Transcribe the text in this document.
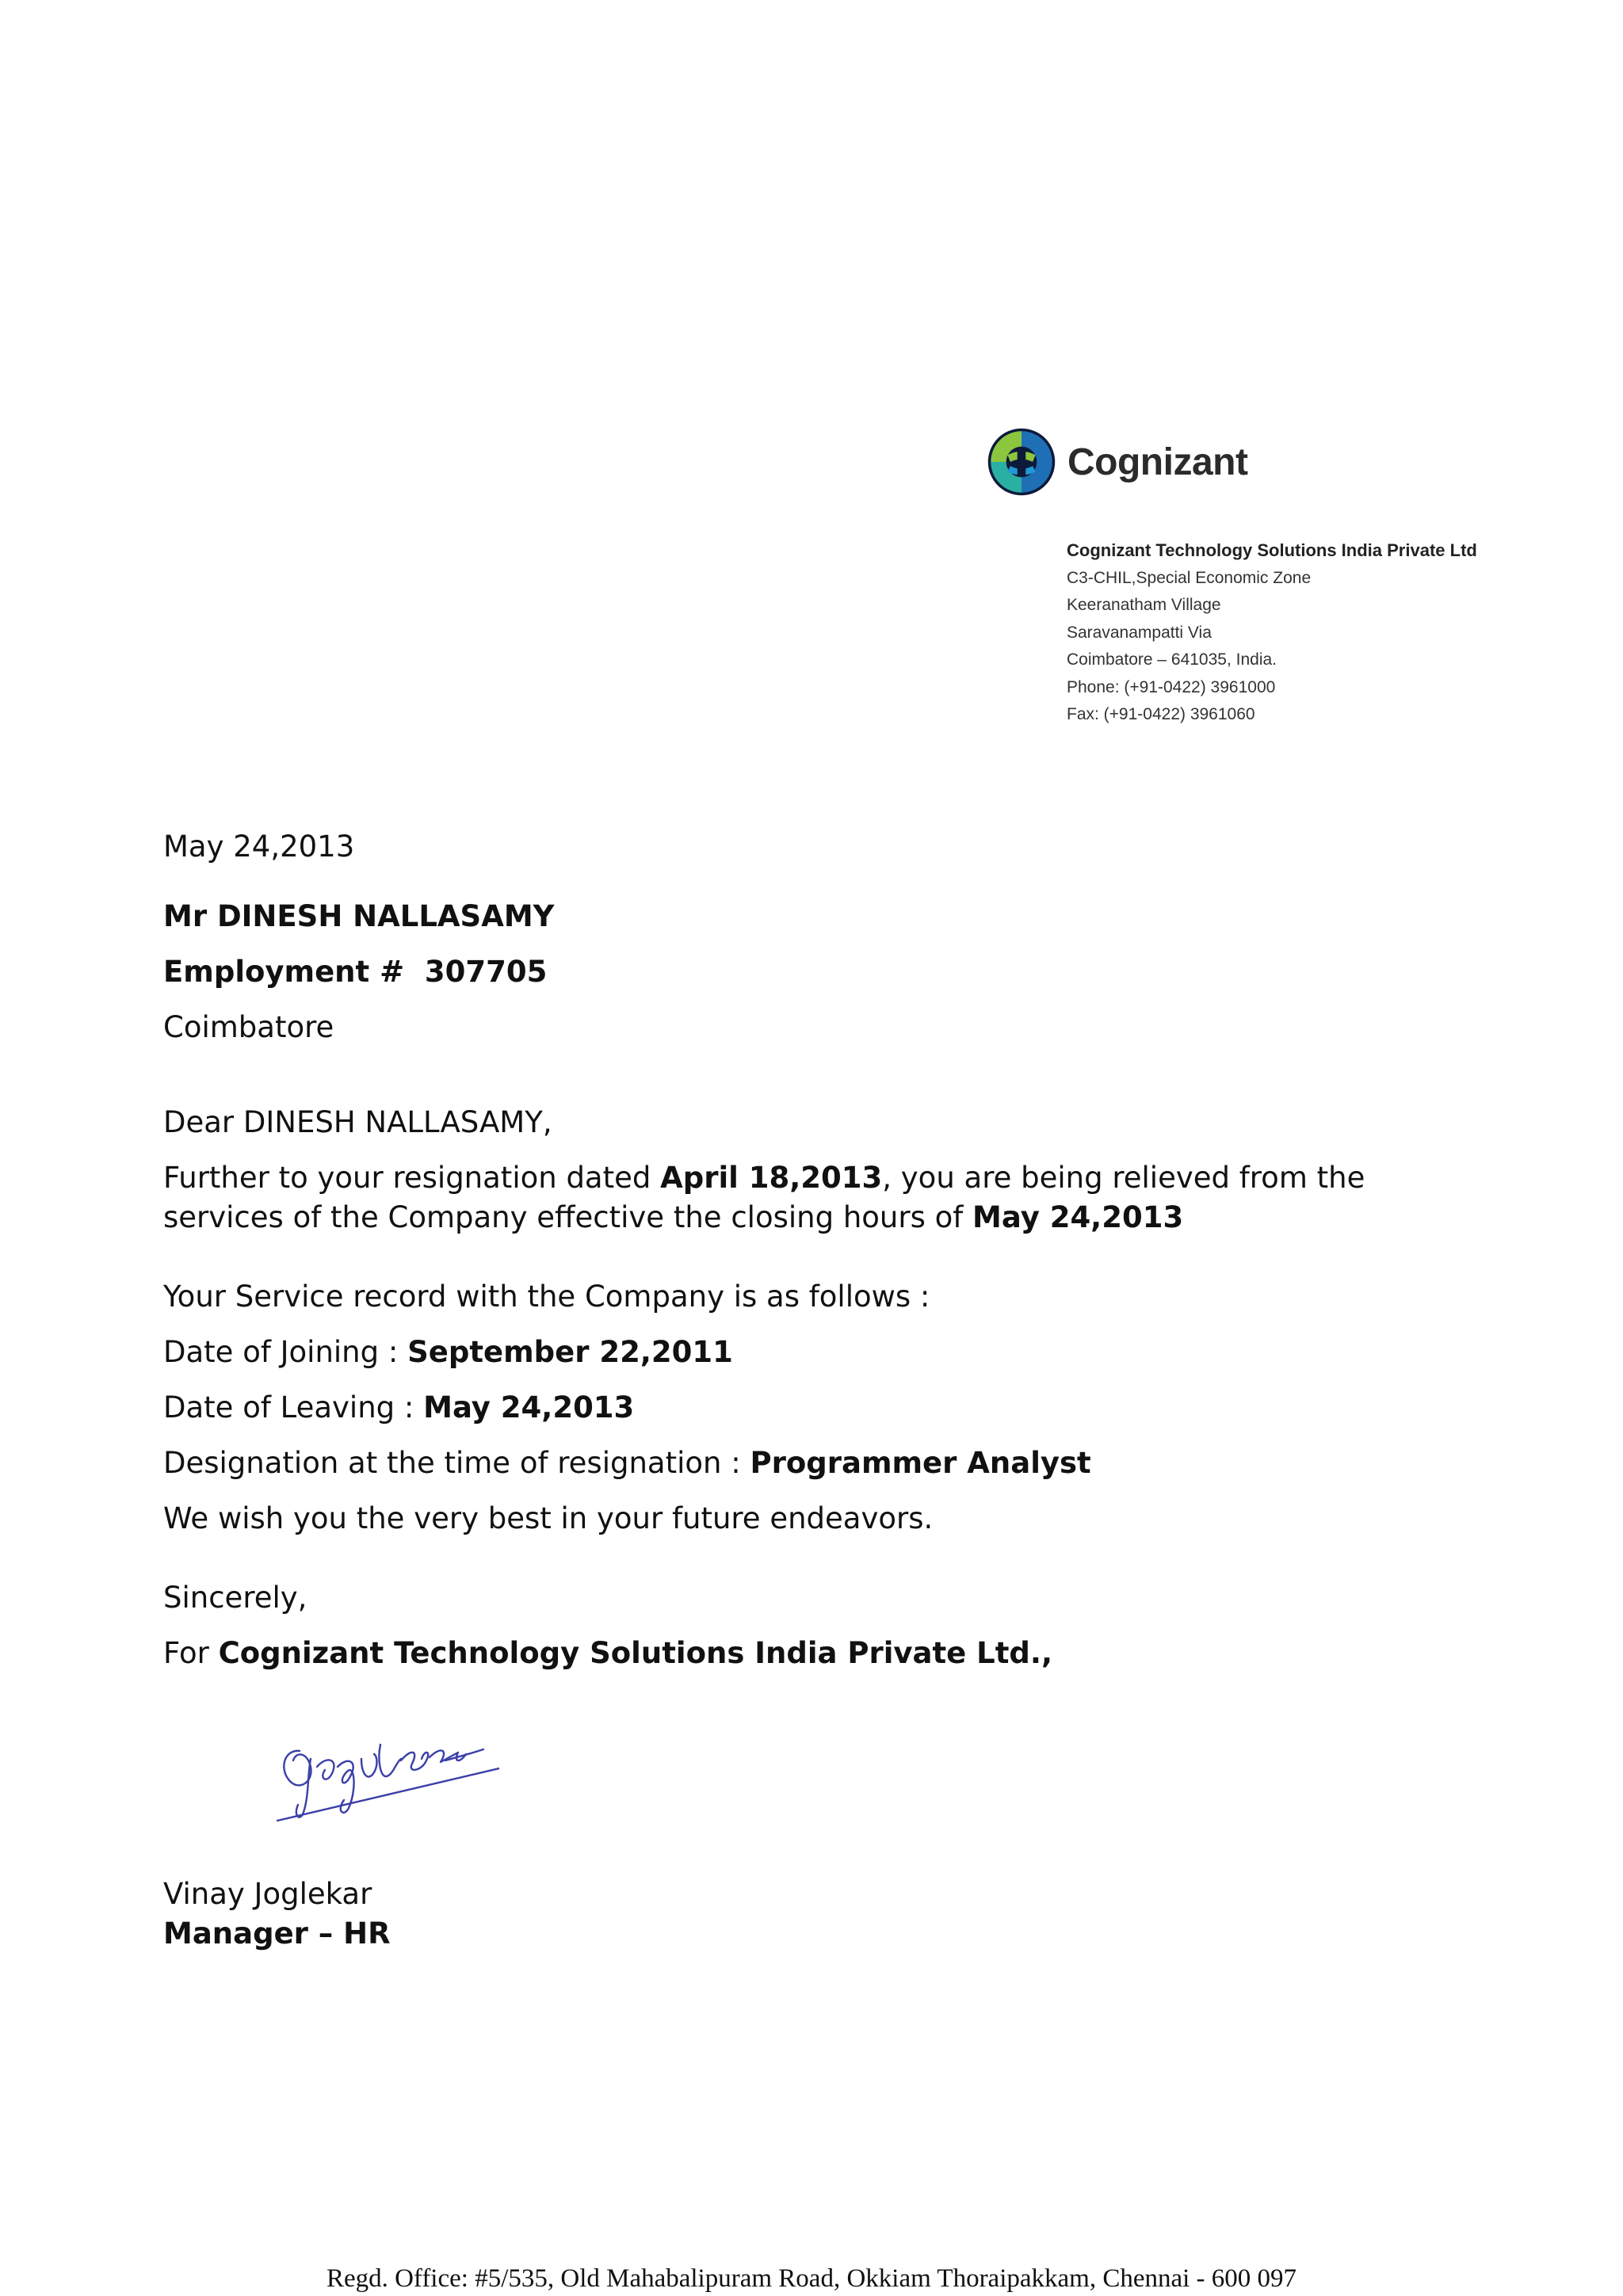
Cognizant
Cognizant Technology Solutions India Private Ltd
C3-CHIL,Special Economic Zone
Keeranatham Village
Saravanampatti Via
Coimbatore – 641035, India.
Phone: (+91-0422) 3961000
Fax: (+91-0422) 3961060
May 24,2013
Mr DINESH NALLASAMY
Employment #  307705
Coimbatore
Dear DINESH NALLASAMY,
Further to your resignation dated April 18,2013, you are being relieved from the
services of the Company effective the closing hours of May 24,2013
Your Service record with the Company is as follows :
Date of Joining : September 22,2011
Date of Leaving : May 24,2013
Designation at the time of resignation : Programmer Analyst
We wish you the very best in your future endeavors.
Sincerely,
For Cognizant Technology Solutions India Private Ltd.,
Vinay Joglekar
Manager – HR
Regd. Office: #5/535, Old Mahabalipuram Road, Okkiam Thoraipakkam, Chennai - 600 097
